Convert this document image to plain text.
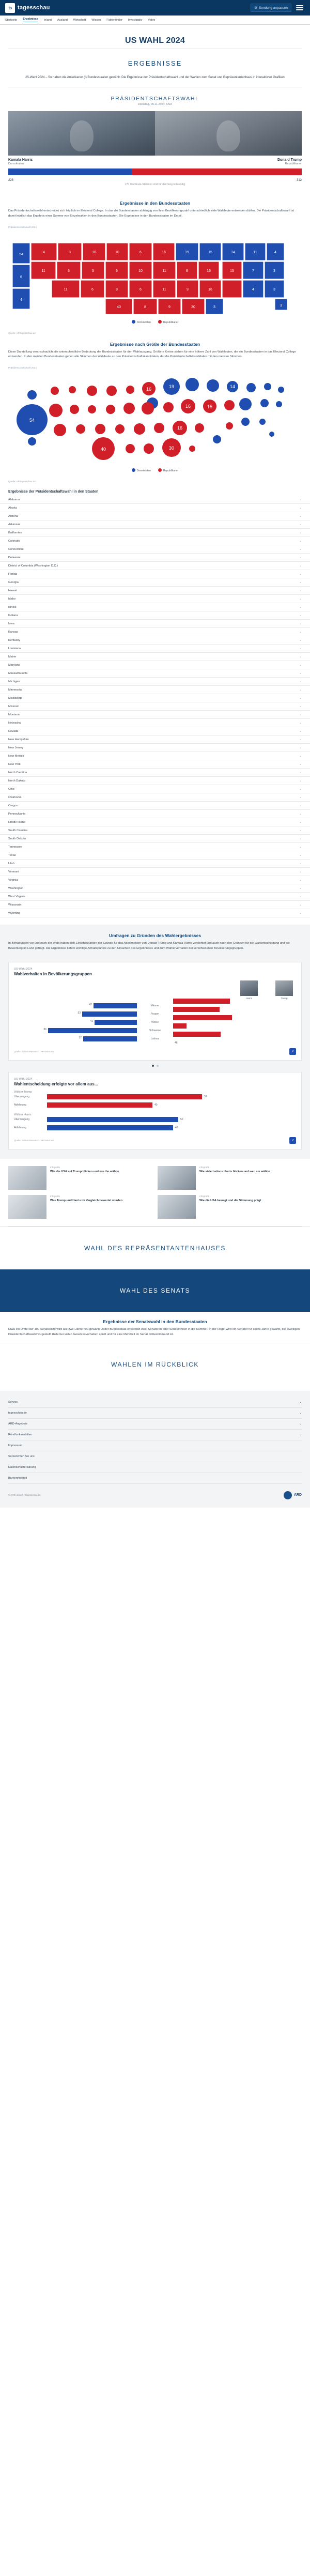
ts tagesschau	⚙ Sendung anpassen
Startseite Ergebnisse Inland Ausland Wirtschaft Wissen Faktenfinder Investigativ Video
US WAHL 2024
ERGEBNISSE
US-Wahl 2024 – So haben die Amerikaner (!) Bundesstaaten gewählt: Die Ergebnisse der Präsidentschaftswahl und der Wahlen zum Senat und Repräsentantenhaus in interaktiven Grafiken.
PRÄSIDENTSCHAFTSWAHL
Dienstag, 05.11.2024, USA
Kamala Harris
Demokraten
Donald Trump
Republikaner
226	312
270 Wahlleute-Stimmen sind für den Sieg notwendig
Ergebnisse in den Bundesstaaten
Das Präsidentschaftswahl entscheidet sich letztlich im Electoral College. In das die Bundesstaaten abhängig von ihrer Bevölkerungszahl unterschiedlich viele Wahlleute entsenden dürfen. Die Präsidentschaftswahl ist damit letztlich das Ergebnis einer Summe von Einzelwahlen in den Bundesstaaten. Die Ergebnisse in den Bundesstaaten im Detail.
Präsidentschaftswahl 2024
54
6
4
4	3	10	10	6	16	19	15	14	11	4
11	6	5	6	10	11	8	16	15	7	3
11	6	8	6	11	9	16	4	3
40	8	9	30	3	3
Demokraten	Republikaner
Quelle: AP/tagesschau.de
Ergebnisse nach Größe der Bundesstaaten
Diese Darstellung veranschaulicht die unterschiedliche Bedeutung der Bundesstaaten für den Wahlausgang. Größere Kreise stehen für eine höhere Zahl von Wahlleuten, die ein Bundesstaaten in das Electoral College entsenden. In den meisten Bundesstaaten gehen alle Stimmen der Wahlleute an den Präsidentschaftskandidaten, der die Präsidentschaftskandidaten mit den meisten Stimmen.
Präsidentschaftswahl 2024
54
40	30
19
16
16
16
15
14
Demokraten	Republikaner
Quelle: AP/tagesschau.de
Ergebnisse der Präsidentschaftswahl in den Staaten
Alabama	⌄
Alaska	⌄
Arizona	⌄
Arkansas	⌄
Kalifornien	⌄
Colorado	⌄
Connecticut	⌄
Delaware	⌄
District of Columbia (Washington D.C.)	⌄
Florida	⌄
Georgia	⌄
Hawaii	⌄
Idaho	⌄
Illinois	⌄
Indiana	⌄
Iowa	⌄
Kansas	⌄
Kentucky	⌄
Louisiana	⌄
Maine	⌄
Maryland	⌄
Massachusetts	⌄
Michigan	⌄
Minnesota	⌄
Mississippi	⌄
Missouri	⌄
Montana	⌄
Nebraska	⌄
Nevada	⌄
New Hampshire	⌄
New Jersey	⌄
New Mexico	⌄
New York	⌄
North Carolina	⌄
North Dakota	⌄
Ohio	⌄
Oklahoma	⌄
Oregon	⌄
Pennsylvania	⌄
Rhode Island	⌄
South Carolina	⌄
South Dakota	⌄
Tennessee	⌄
Texas	⌄
Utah	⌄
Vermont	⌄
Virginia	⌄
Washington	⌄
West Virginia	⌄
Wisconsin	⌄
Wyoming	⌄
Umfragen zu Gründen des Wahlergebnisses
In Befragungen vor und nach der Wahl haben sich Einschätzungen der Gründe für das Abschneiden von Donald Trump und Kamala Harris verdichtet und auch nach den Gründen für die Wahlentscheidung und die Bewertung im Land gefragt. Die Ergebnisse liefern wichtige Anhaltspunkte zu den Ursachen des Ergebnisses und zum Wählerverhalten bei verschiedenen Bevölkerungsgruppen.
US-Wahl 2024
Wahlverhalten in Bevölkerungsgruppen
Harris	Trump
42	Männer
53	Frauen
41	Weiße
86	Schwarze
52	Latinos
46
Quelle: Edison Research / AP VoteCast	↗
US-Wahl 2024
Wahlentscheidung erfolgte vor allem aus...
Wähler Trump
Überzeugung	59
Ablehnung	40
Wähler Harris
Überzeugung	50
Ablehnung	48
Quelle: Edison Research / AP VoteCast	↗
Infografik
Wie die USA auf Trump blicken und wie ihn wählte
Infografik
Wie viele Latinos Harris blicken und wen sie wählte
Infografik
Was Trump und Harris im Vergleich bewertet wurden
Infografik
Wie die USA bewegt und die Stimmung prägt
WAHL DES REPRÄSENTANTENHAUSES
WAHL DES SENATS
Ergebnisse der Senatswahl in den Bundesstaaten
Etwa ein Drittel der 100 Senatssitze wird alle zwei Jahre neu gewählt. Jeder Bundesstaat entsendet zwei Senatoren oder Senatorinnen in die Kammer. In der Regel wird ein Senator für sechs Jahre gewählt, die jeweiligen Präsidentschaftswahl vorgestellt Rolle bei vielen Gesetzesvorhaben spielt und für eine Mehrheit im Senat mitbestimmend ist.
WAHLEN IM RÜCKBLICK
Service	⌄
tagesschau.de	⌄
ARD-Angebote	⌄
Rundfunkanstalten	⌄
Impressum
So berichten Sie uns
Datenschutzerklärung
Barrierefreiheit
© ARD-aktuell / tagesschau.de	ARD
